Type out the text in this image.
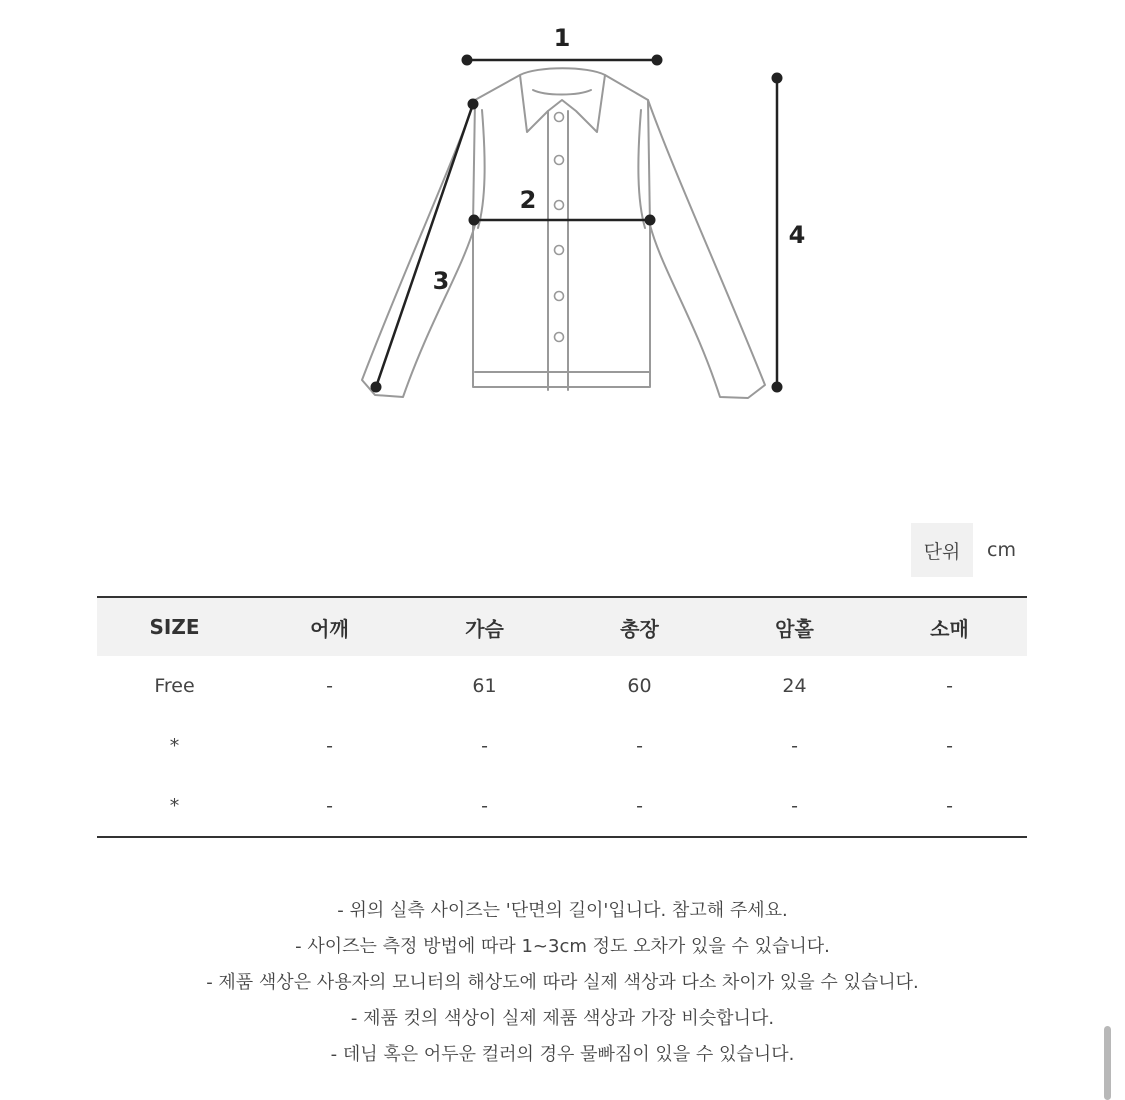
1
2
3
4
단위	cm
SIZE	어깨	가슴	총장	암홀	소매
Free	-	61	60	24	-
*	-	-	-	-	-
*	-	-	-	-	-
- 위의 실측 사이즈는 '단면의 길이'입니다. 참고해 주세요.
- 사이즈는 측정 방법에 따라 1~3cm 정도 오차가 있을 수 있습니다.
- 제품 색상은 사용자의 모니터의 해상도에 따라 실제 색상과 다소 차이가 있을 수 있습니다.
- 제품 컷의 색상이 실제 제품 색상과 가장 비슷합니다.
- 데님 혹은 어두운 컬러의 경우 물빠짐이 있을 수 있습니다.
